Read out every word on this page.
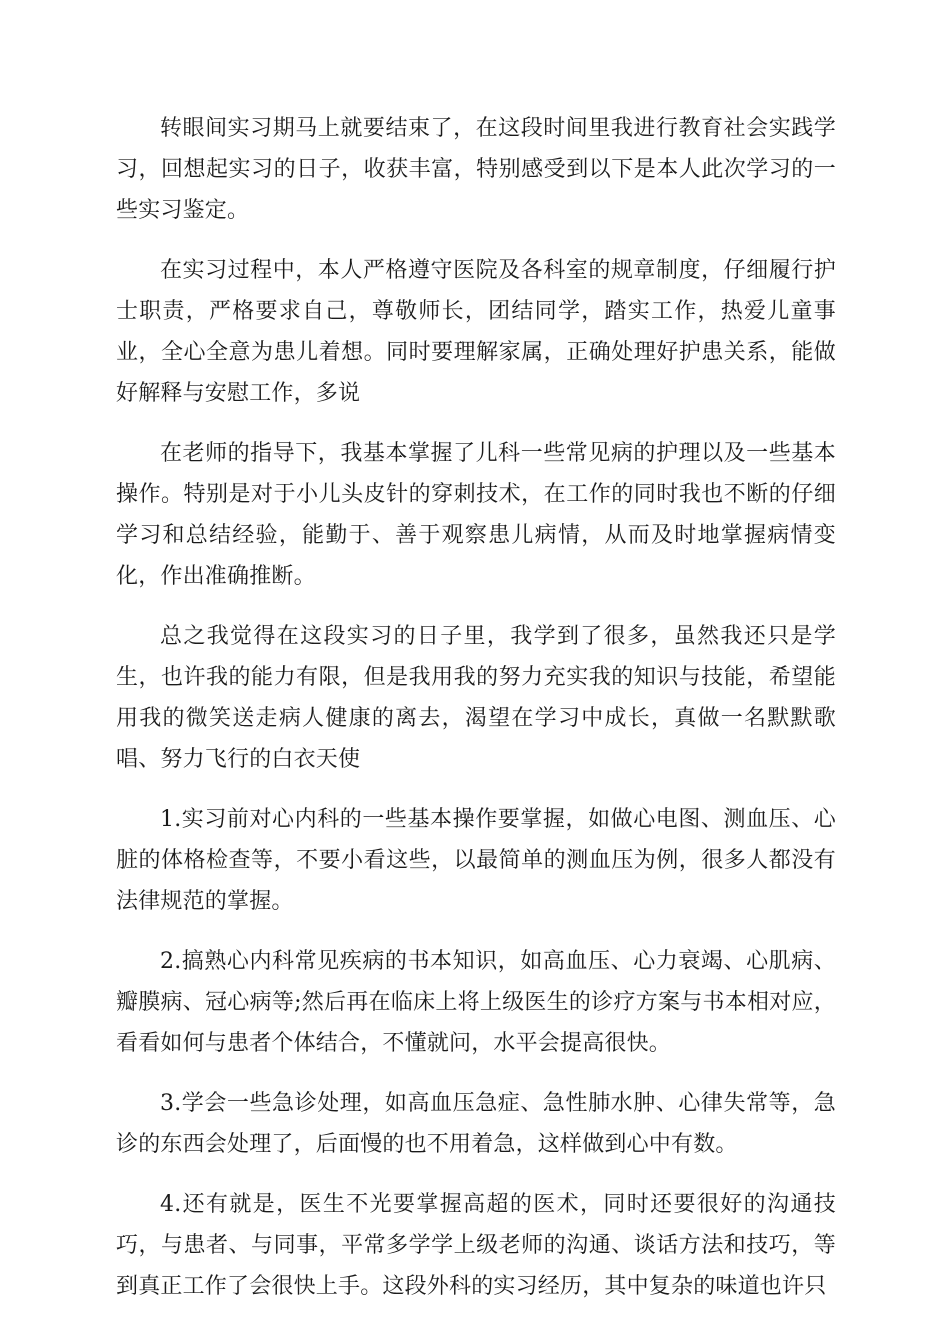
转眼间实习期马上就要结束了，在这段时间里我进行教育社会实践学习，回想起实习的日子，收获丰富，特别感受到以下是本人此次学习的一些实习鉴定。

在实习过程中，本人严格遵守医院及各科室的规章制度，仔细履行护士职责，严格要求自己，尊敬师长，团结同学，踏实工作，热爱儿童事业，全心全意为患儿着想。同时要理解家属，正确处理好护患关系，能做好解释与安慰工作，多说

在老师的指导下，我基本掌握了儿科一些常见病的护理以及一些基本操作。特别是对于小儿头皮针的穿刺技术，在工作的同时我也不断的仔细学习和总结经验，能勤于、善于观察患儿病情，从而及时地掌握病情变化，作出准确推断。

总之我觉得在这段实习的日子里，我学到了很多，虽然我还只是学生，也许我的能力有限，但是我用我的努力充实我的知识与技能，希望能用我的微笑送走病人健康的离去，渴望在学习中成长，真做一名默默歌唱、努力飞行的白衣天使

1.实习前对心内科的一些基本操作要掌握，如做心电图、测血压、心脏的体格检查等，不要小看这些，以最简单的测血压为例，很多人都没有法律规范的掌握。

2.搞熟心内科常见疾病的书本知识，如高血压、心力衰竭、心肌病、瓣膜病、冠心病等;然后再在临床上将上级医生的诊疗方案与书本相对应，看看如何与患者个体结合，不懂就问，水平会提高很快。

3.学会一些急诊处理，如高血压急症、急性肺水肿、心律失常等，急诊的东西会处理了，后面慢的也不用着急，这样做到心中有数。

4.还有就是，医生不光要掌握高超的医术，同时还要很好的沟通技巧，与患者、与同事，平常多学学上级老师的沟通、谈话方法和技巧，等到真正工作了会很快上手。这段外科的实习经历，其中复杂的味道也许只
